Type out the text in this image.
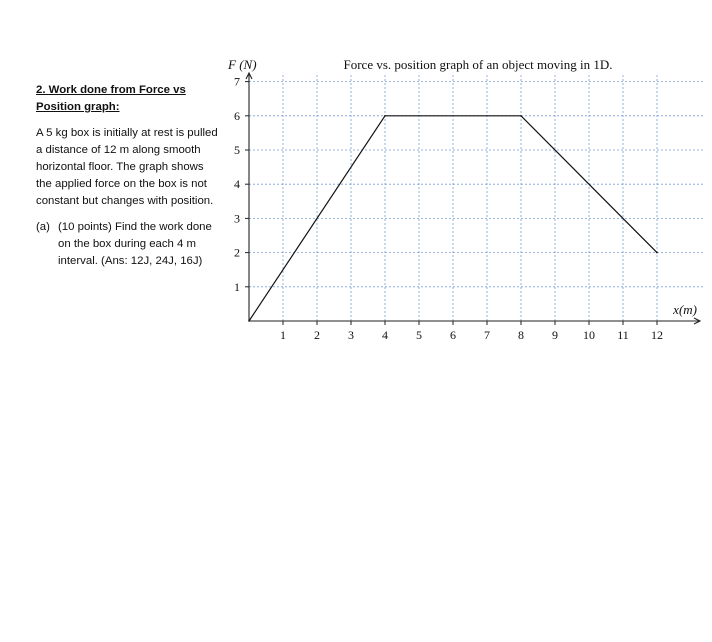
2. Work done from Force vs
Position graph:
A 5 kg box is initially at rest is pulled a distance of 12 m along smooth horizontal floor. The graph shows the applied force on the box is not constant but changes with position.
(a) (10 points) Find the work done on the box during each 4 m interval. (Ans: 12J, 24J, 16J)
1 2 3 4 5 6 7 8 9 10 11 12
1
2
3
4
5
6
7
F (N)
x(m)
Force vs. position graph of an object moving in 1D.
